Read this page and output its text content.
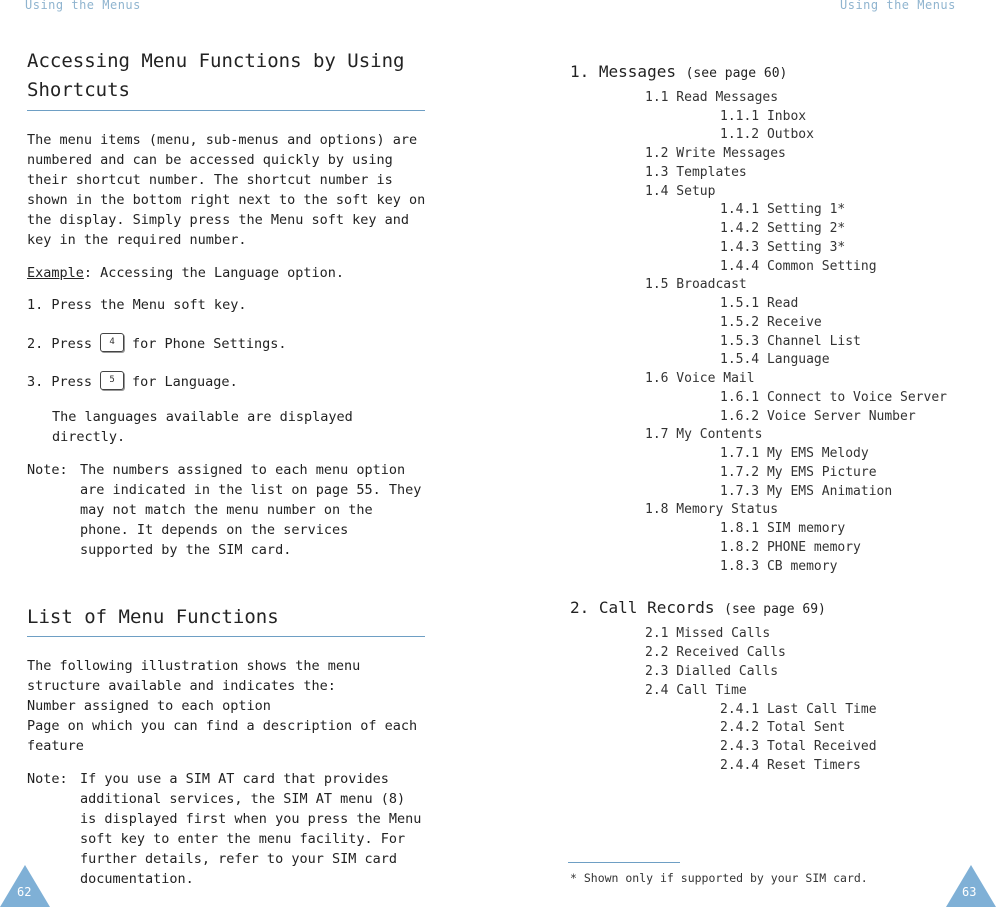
Using the Menus	Using the Menus
Accessing Menu Functions by Using Shortcuts
The menu items (menu, sub-menus and options) are numbered and can be accessed quickly by using their shortcut number. The shortcut number is shown in the bottom right next to the soft key on the display. Simply press the Menu soft key and key in the required number.
Example: Accessing the Language option.
1. Press the Menu soft key.
2. Press 4 for Phone Settings.
3. Press 5 for Language.
The languages available are displayed directly.
Note: The numbers assigned to each menu option are indicated in the list on page 55. They may not match the menu number on the phone. It depends on the services supported by the SIM card.
List of Menu Functions
The following illustration shows the menu structure available and indicates the:
Number assigned to each option
Page on which you can find a description of each feature
Note: If you use a SIM AT card that provides additional services, the SIM AT menu (8) is displayed first when you press the Menu soft key to enter the menu facility. For further details, refer to your SIM card documentation.
62
1. Messages (see page 60)
1.1 Read Messages
1.1.1 Inbox
1.1.2 Outbox
1.2 Write Messages
1.3 Templates
1.4 Setup
1.4.1 Setting 1*
1.4.2 Setting 2*
1.4.3 Setting 3*
1.4.4 Common Setting
1.5 Broadcast
1.5.1 Read
1.5.2 Receive
1.5.3 Channel List
1.5.4 Language
1.6 Voice Mail
1.6.1 Connect to Voice Server
1.6.2 Voice Server Number
1.7 My Contents
1.7.1 My EMS Melody
1.7.2 My EMS Picture
1.7.3 My EMS Animation
1.8 Memory Status
1.8.1 SIM memory
1.8.2 PHONE memory
1.8.3 CB memory
2. Call Records (see page 69)
2.1 Missed Calls
2.2 Received Calls
2.3 Dialled Calls
2.4 Call Time
2.4.1 Last Call Time
2.4.2 Total Sent
2.4.3 Total Received
2.4.4 Reset Timers
* Shown only if supported by your SIM card.
63
